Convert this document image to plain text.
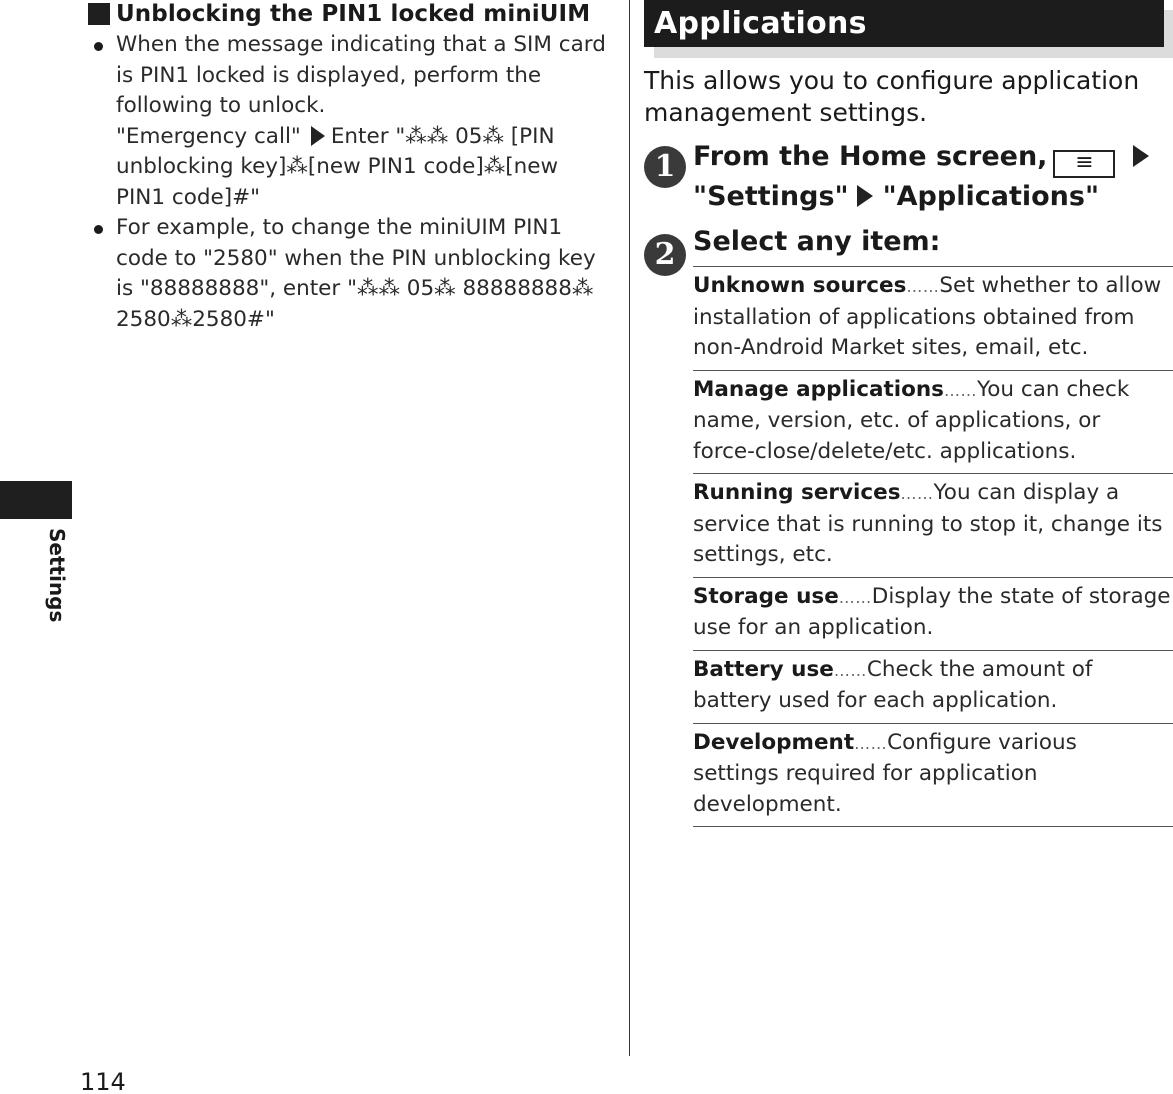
Settings
Unblocking the PIN1 locked miniUIM
When the message indicating that a SIM card
is PIN1 locked is displayed, perform the
following to unlock.
"Emergency call" Enter "⁂⁂ 05⁂ [PIN
unblocking key]⁂[new PIN1 code]⁂[new
PIN1 code]#"
For example, to change the miniUIM PIN1
code to "2580" when the PIN unblocking key
is "88888888", enter "⁂⁂ 05⁂ 88888888⁂
2580⁂2580#"
Applications
This allows you to configure application
management settings.
1 From the Home screen, ≡
"Settings" "Applications"
2 Select any item:
Unknown sources……Set whether to allow
installation of applications obtained from
non-Android Market sites, email, etc.
Manage applications……You can check
name, version, etc. of applications, or
force-close/delete/etc. applications.
Running services……You can display a
service that is running to stop it, change its
settings, etc.
Storage use……Display the state of storage
use for an application.
Battery use……Check the amount of
battery used for each application.
Development……Configure various
settings required for application
development.
114
